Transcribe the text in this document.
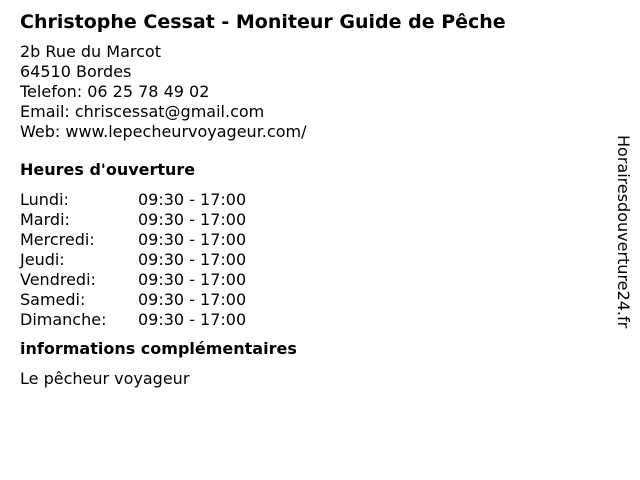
Christophe Cessat - Moniteur Guide de Pêche
2b Rue du Marcot
64510 Bordes
Telefon: 06 25 78 49 02
Email: chriscessat@gmail.com
Web: www.lepecheurvoyageur.com/
Heures d'ouverture
Lundi:	09:30 - 17:00
Mardi:	09:30 - 17:00
Mercredi:	09:30 - 17:00
Jeudi:	09:30 - 17:00
Vendredi:	09:30 - 17:00
Samedi:	09:30 - 17:00
Dimanche:	09:30 - 17:00
informations complémentaires
Le pêcheur voyageur
Horairesdouverture24.fr
